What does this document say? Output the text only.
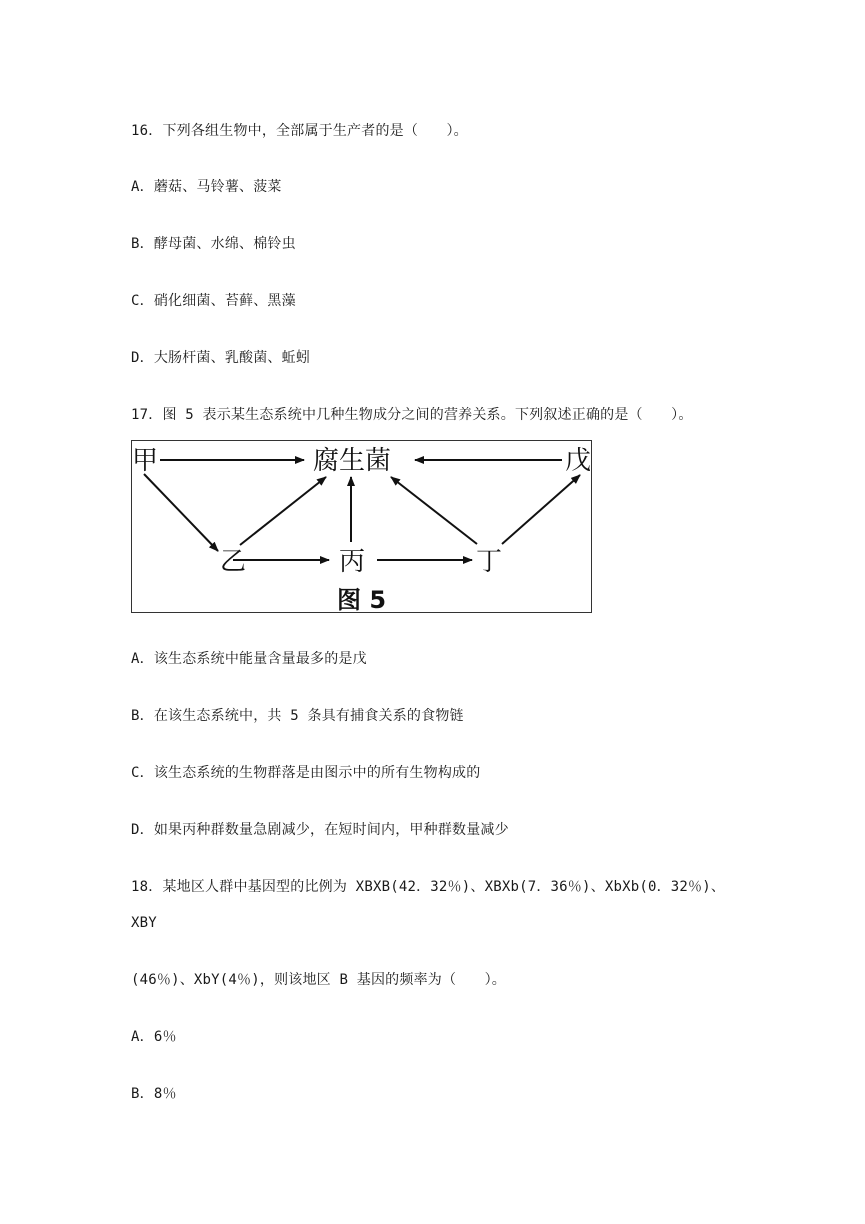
16．下列各组生物中，全部属于生产者的是（　　）。
A．蘑菇、马铃薯、菠菜
B．酵母菌、水绵、棉铃虫
C．硝化细菌、苔藓、黑藻
D．大肠杆菌、乳酸菌、蚯蚓
17．图 5 表示某生态系统中几种生物成分之间的营养关系。下列叙述正确的是（　　）。
甲	腐生菌	戊
乙	丙	丁
图 5
A．该生态系统中能量含量最多的是戊
B．在该生态系统中，共 5 条具有捕食关系的食物链
C．该生态系统的生物群落是由图示中的所有生物构成的
D．如果丙种群数量急剧减少，在短时间内，甲种群数量减少
18．某地区人群中基因型的比例为 XBXB(42．32％)、XBXb(7．36％)、XbXb(0．32％)、
XBY
(46％)、XbY(4％)，则该地区 B 基因的频率为（　　）。
A．6％
B．8％
